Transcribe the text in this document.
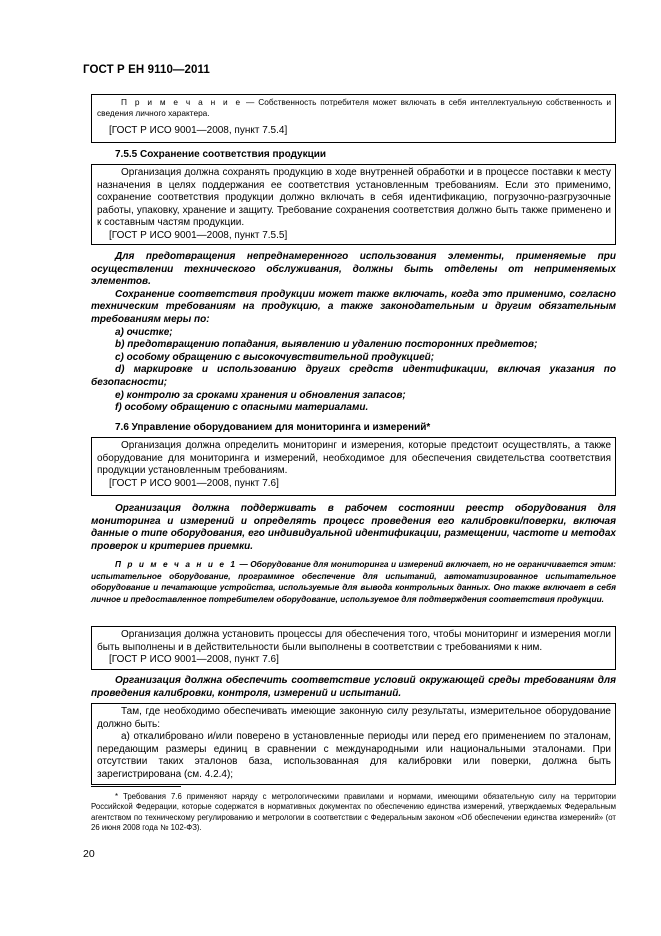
ГОСТ Р ЕН 9110—2011

П р и м е ч а н и е — Собственность потребителя может включать в себя интеллектуальную собственность и сведения личного характера.

[ГОСТ Р ИСО 9001—2008, пункт 7.5.4]

7.5.5 Сохранение соответствия продукции

Организация должна сохранять продукцию в ходе внутренней обработки и в процессе поставки к месту назначения в целях поддержания ее соответствия установленным требованиям. Если это применимо, сохранение соответствия продукции должно включать в себя идентификацию, погрузочно-разгрузочные работы, упаковку, хранение и защиту. Требование сохранения соответствия должно быть также применено и к составным частям продукции.

[ГОСТ Р ИСО 9001—2008, пункт 7.5.5]

Для предотвращения непреднамеренного использования элементы, применяемые при осуществлении технического обслуживания, должны быть отделены от неприменяемых элементов.

Сохранение соответствия продукции может также включать, когда это применимо, согласно техническим требованиям на продукцию, а также законодательным и другим обязательным требованиям меры по:

a) очистке;

b) предотвращению попадания, выявлению и удалению посторонних предметов;

c) особому обращению с высокочувствительной продукцией;

d) маркировке и использованию других средств идентификации, включая указания по безопасности;

e) контролю за сроками хранения и обновления запасов;

f) особому обращению с опасными материалами.

7.6 Управление оборудованием для мониторинга и измерений*

Организация должна определить мониторинг и измерения, которые предстоит осуществлять, а также оборудование для мониторинга и измерений, необходимое для обеспечения свидетельства соответствия продукции установленным требованиям.

[ГОСТ Р ИСО 9001—2008, пункт 7.6]

Организация должна поддерживать в рабочем состоянии реестр оборудования для мониторинга и измерений и определять процесс проведения его калибровки/поверки, включая данные о типе оборудования, его индивидуальной идентификации, размещении, частоте и методах проверок и критериев приемки.

П р и м е ч а н и е 1 — Оборудование для мониторинга и измерений включает, но не ограничивается этим: испытательное оборудование, программное обеспечение для испытаний, автоматизированное испытательное оборудование и печатающие устройства, используемые для вывода контрольных данных. Оно также включает в себя личное и предоставленное потребителем оборудование, используемое для подтверждения соответствия продукции.

Организация должна установить процессы для обеспечения того, чтобы мониторинг и измерения могли быть выполнены и в действительности были выполнены в соответствии с требованиями к ним.

[ГОСТ Р ИСО 9001—2008, пункт 7.6]

Организация должна обеспечить соответствие условий окружающей среды требованиям для проведения калибровки, контроля, измерений и испытаний.

Там, где необходимо обеспечивать имеющие законную силу результаты, измерительное оборудование должно быть:

а) откалибровано и/или поверено в установленные периоды или перед его применением по эталонам, передающим размеры единиц в сравнении с международными или национальными эталонами. При отсутствии таких эталонов база, использованная для калибровки или поверки, должна быть зарегистрирована (см. 4.2.4);

* Требования 7.6 применяют наряду с метрологическими правилами и нормами, имеющими обязательную силу на территории Российской Федерации, которые содержатся в нормативных документах по обеспечению единства измерений, утверждаемых Федеральным агентством по техническому регулированию и метрологии в соответствии с Федеральным законом «Об обеспечении единства измерений» (от 26 июня 2008 года № 102-ФЗ).
20
